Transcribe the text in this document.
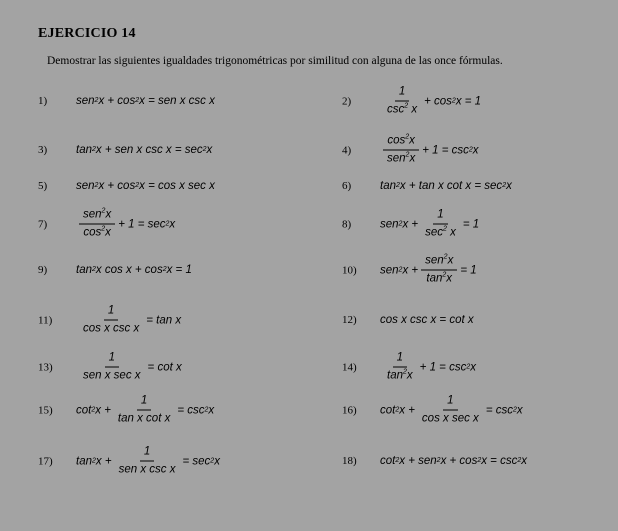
EJERCICIO 14
Demostrar las siguientes igualdades trigonométricas por similitud con alguna de las once fórmulas.
1)	sen 2 x + cos 2 x = sen x csc x	2)	$\frac{1}{\csc^2 x} + \cos 2$ x = 1
3)	tan 2 x + sen x csc x = sec 2 x	4)	$\frac{\cos^2x}{sen^2x} + 1 = \csc 2$ x
5)	sen 2 x + cos 2 x = cos x sec x	6)	tan 2 x + tan x cot x = sec 2 x
7)	$\frac{sen^2x}{\cos^2x} + 1 = \sec 2$ x	8)	sen 2 $x + \frac{1}{\sec^2 x} = 1$
9)	tan 2 x cos x + cos 2 x = 1	10)	sen 2 $x + \frac{sen^2x}{\tan^2x} = 1$
11)	$\frac{1}{\text{cos x csc x}} = \tan x$	12)	cos x csc x = cot x
13)	$\frac{1}{\text{sen x sec x}} = \cot x$	14)	$\frac{1}{\tan^2x} + 1 = \csc 2$ x
15)	cot 2 $x + \frac{1}{\text{tan x cot x}} = \csc 2$ x	16)	cot 2 $x + \frac{1}{\text{cos x sec x}} = \csc 2$ x
17)	tan 2 $x + \frac{1}{\text{sen x csc x}} = \sec 2$ x	18)	cot 2 x + sen 2 x + cos 2 x = csc 2 x
